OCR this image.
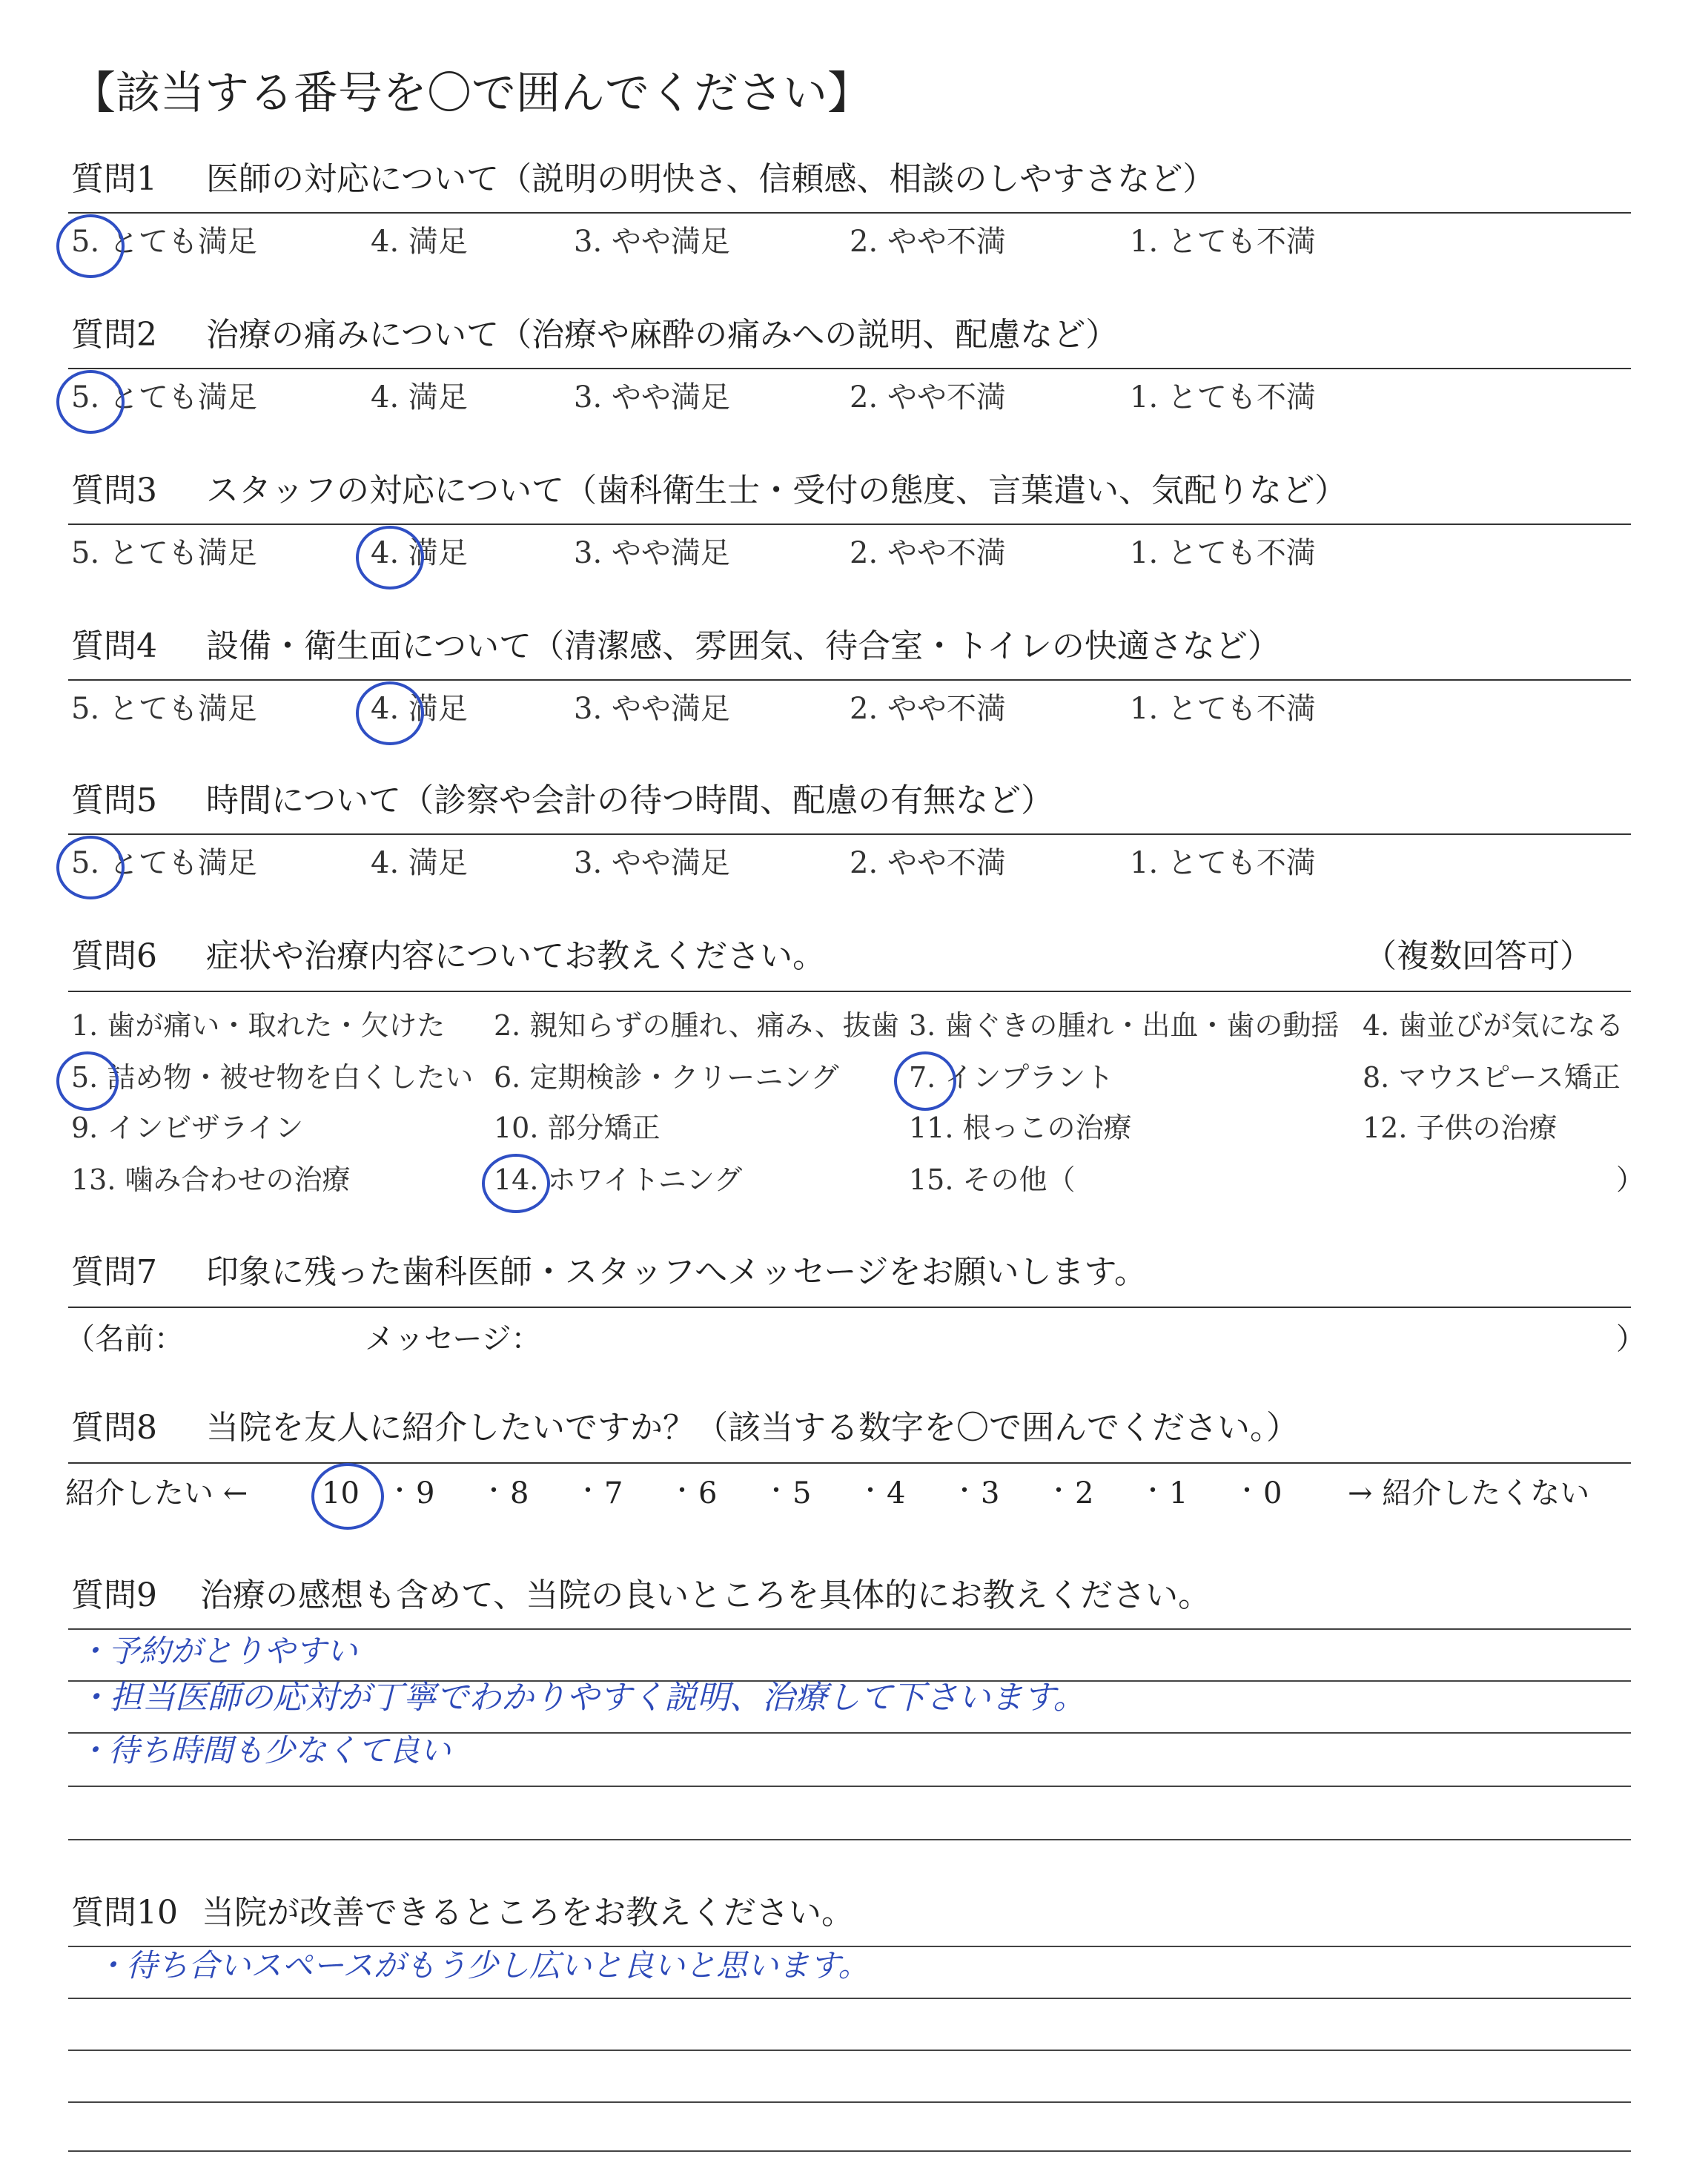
【該当する番号を〇で囲んでください】
質問1 医師の対応について（説明の明快さ、信頼感、相談のしやすさなど）
5. とても満足	4. 満足	3. やや満足	2. やや不満	1. とても不満
質問2 治療の痛みについて（治療や麻酔の痛みへの説明、配慮など）
5. とても満足	4. 満足	3. やや満足	2. やや不満	1. とても不満
質問3 スタッフの対応について（歯科衛生士・受付の態度、言葉遣い、気配りなど）
5. とても満足	4. 満足	3. やや満足	2. やや不満	1. とても不満
質問4 設備・衛生面について（清潔感、雰囲気、待合室・トイレの快適さなど）
5. とても満足	4. 満足	3. やや満足	2. やや不満	1. とても不満
質問5 時間について（診察や会計の待つ時間、配慮の有無など）
5. とても満足	4. 満足	3. やや満足	2. やや不満	1. とても不満
質問6 症状や治療内容についてお教えください。	（複数回答可）
1. 歯が痛い・取れた・欠けた 2. 親知らずの腫れ、痛み、抜歯 3. 歯ぐきの腫れ・出血・歯の動揺 4. 歯並びが気になる
5. 詰め物・被せ物を白くしたい 6. 定期検診・クリーニング 7. インプラント	8. マウスピース矯正
9. インビザライン	10. 部分矯正	11. 根っこの治療	12. 子供の治療
13. 噛み合わせの治療	14. ホワイトニング	15. その他（	）
質問7 印象に残った歯科医師・スタッフへメッセージをお願いします。
（名前：	メッセージ：	）
質問8 当院を友人に紹介したいですか？（該当する数字を〇で囲んでください。）
紹介したい ← 10 ・ 9 ・ 8 ・ 7 ・ 6 ・ 5 ・ 4 ・ 3 ・ 2 ・ 1 ・ 0 → 紹介したくない
質問9 治療の感想も含めて、当院の良いところを具体的にお教えください。
・予約がとりやすい
・担当医師の応対が丁寧でわかりやすく説明、治療して下さいます。
・待ち時間も少なくて良い
質問10 当院が改善できるところをお教えください。
・待ち合いスペースがもう少し広いと良いと思います。
